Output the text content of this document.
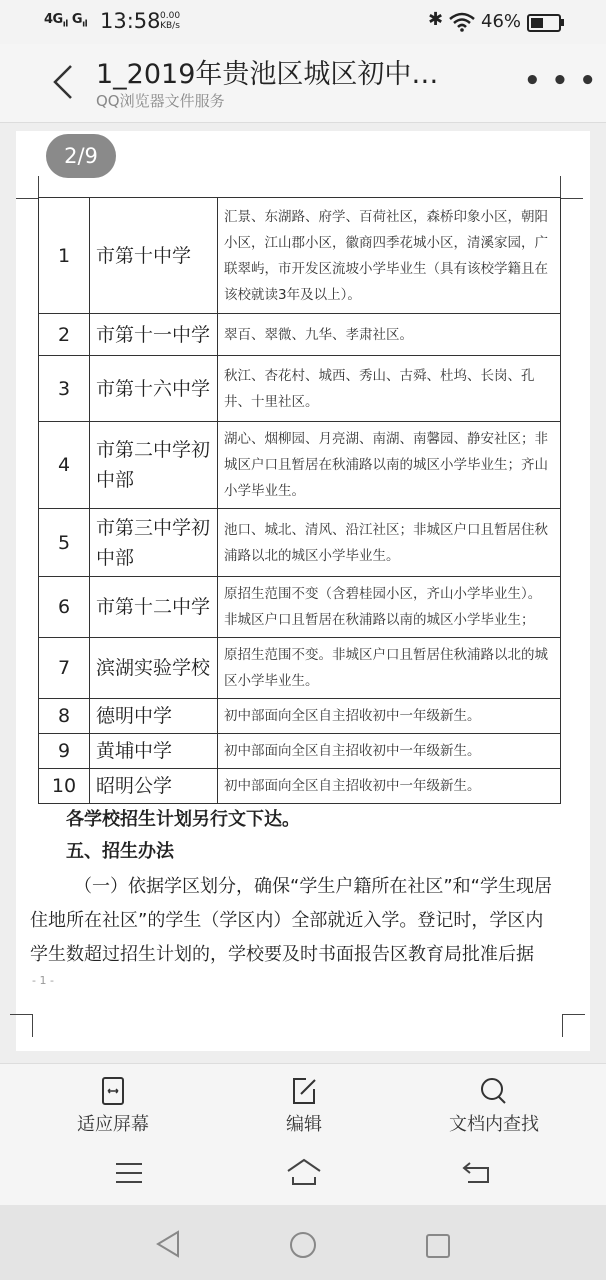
$4G_{ıl}$ $G_{ıl}$ 13:58 0.00
KB/s	✱ 46%
1_2019年贵池区城区初中…
QQ浏览器文件服务
• • •
2/9
1	市第十中学	汇景、东湖路、府学、百荷社区，森桥印象小区，朝阳小区，江山郡小区，徽商四季花城小区，清溪家园，广联翠屿，市开发区流坡小学毕业生（具有该校学籍且在该校就读3年及以上）。
2	市第十一中学	翠百、翠微、九华、孝肃社区。
3	市第十六中学	秋江、杏花村、城西、秀山、古舜、杜坞、长岗、孔井、十里社区。
4	市第二中学初中部	湖心、烟柳园、月亮湖、南湖、南馨园、静安社区；非城区户口且暂居在秋浦路以南的城区小学毕业生；齐山小学毕业生。
5	市第三中学初中部	池口、城北、清风、沿江社区；非城区户口且暂居住秋浦路以北的城区小学毕业生。
6	市第十二中学	原招生范围不变（含碧桂园小区，齐山小学毕业生）。非城区户口且暂居在秋浦路以南的城区小学毕业生；
7	滨湖实验学校	原招生范围不变。非城区户口且暂居住秋浦路以北的城区小学毕业生。
8	德明中学	初中部面向全区自主招收初中一年级新生。
9	黄埔中学	初中部面向全区自主招收初中一年级新生。
10	昭明公学	初中部面向全区自主招收初中一年级新生。
各学校招生计划另行文下达。
五、招生办法
（一）依据学区划分，确保“学生户籍所在社区”和“学生现居住地所在社区”的学生（学区内）全部就近入学。登记时，学区内学生数超过招生计划的，学校要及时书面报告区教育局批准后据
- 1 -
适应屏幕	编辑	文档内查找
